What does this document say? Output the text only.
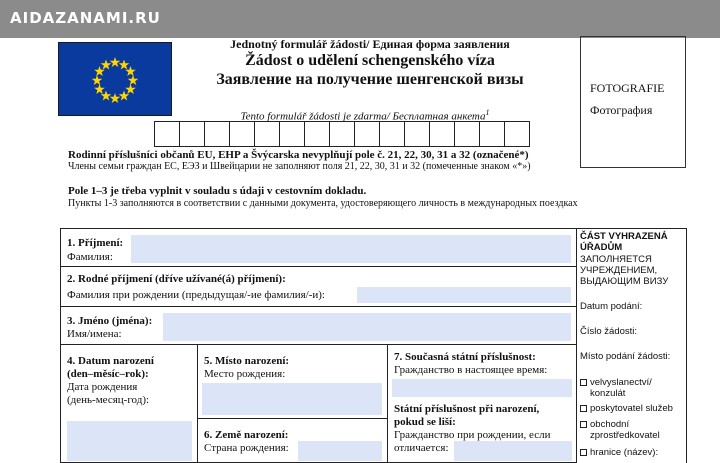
AIDAZANAMI.RU
Jednotný formulář žádosti/ Единая форма заявления
Žádost o udělení schengenského víza
Заявление на получение шенгенской визы
Tento formulář žádosti je zdarma/ Бесплатная анкета$^1$
FOTOGRAFIE
Фотография
Rodinní příslušníci občanů EU, EHP a Švýcarska nevyplňují pole č. 21, 22, 30, 31 a 32 (označené*)
Члены семьи граждан ЕС, ЕЭЗ и Швейцарии не заполняют поля 21, 22, 30, 31 и 32 (помеченные знаком «*»)
Pole 1–3 je třeba vyplnit v souladu s údaji v cestovním dokladu.
Пункты 1-3 заполняются в соответствии с данными документа, удостоверяющего личность в международных поездках
1. Příjmení:
Фамилия:
2. Rodné příjmení (dříve užívané(á) příjmení):
Фамилия при рождении (предыдущая/-ие фамилия/-и):
3. Jméno (jména):
Имя/имена:
4. Datum narození
(den–měsíc–rok):
Дата рождения
(день-месяц-год):
5. Místo narození:
Место рождения:
6. Země narození:
Страна рождения:
7. Současná státní příslušnost:
Гражданство в настоящее время:
Státní příslušnost při narození,
pokud se liší:
Гражданство при рождении, если
отличается:
ČÁST VYHRAZENÁ
ÚŘADŮM
ЗАПОЛНЯЕТСЯ
УЧРЕЖДЕНИЕМ,
ВЫДАЮЩИМ ВИЗУ
Datum podání:
Číslo žádosti:
Místo podání žádosti:
velvyslanectví/
konzulát
poskytovatel služeb
obchodní
zprostředkovatel
hranice (název):
